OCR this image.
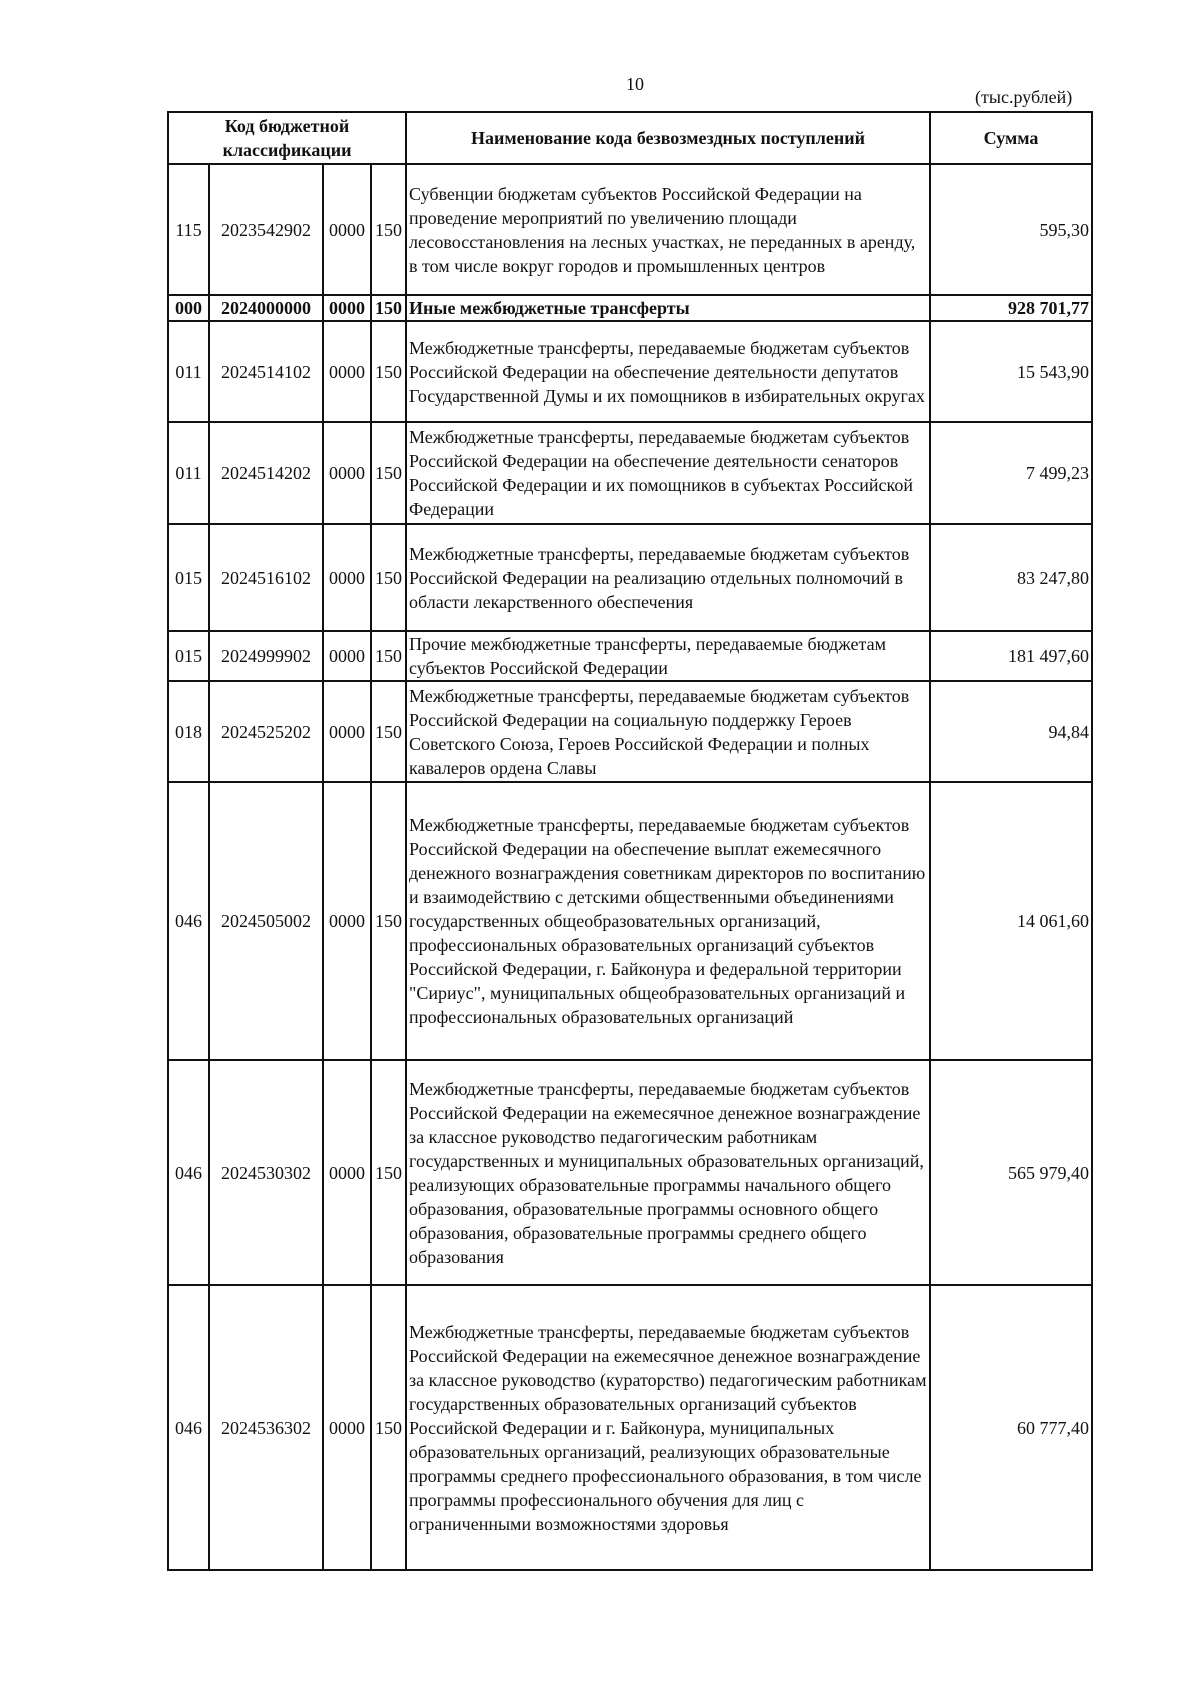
10
(тыс.рублей)
Код бюджетной классификации				Наименование кода безвозмездных поступлений	Сумма
115	2023542902	0000	150	Субвенции бюджетам субъектов Российской Федерации на проведение мероприятий по увеличению площади лесовосстановления на лесных участках, не переданных в аренду, в том числе вокруг городов и промышленных центров	595,30
000	2024000000	0000	150	Иные межбюджетные трансферты	928 701,77
011	2024514102	0000	150	Межбюджетные трансферты, передаваемые бюджетам субъектов Российской Федерации на обеспечение деятельности депутатов Государственной Думы и их помощников в избирательных округах	15 543,90
011	2024514202	0000	150	Межбюджетные трансферты, передаваемые бюджетам субъектов Российской Федерации на обеспечение деятельности сенаторов Российской Федерации и их помощников в субъектах Российской Федерации	7 499,23
015	2024516102	0000	150	Межбюджетные трансферты, передаваемые бюджетам субъектов Российской Федерации на реализацию отдельных полномочий в области лекарственного обеспечения	83 247,80
015	2024999902	0000	150	Прочие межбюджетные трансферты, передаваемые бюджетам субъектов Российской Федерации	181 497,60
018	2024525202	0000	150	Межбюджетные трансферты, передаваемые бюджетам субъектов Российской Федерации на социальную поддержку Героев Советского Союза, Героев Российской Федерации и полных кавалеров ордена Славы	94,84
046	2024505002	0000	150	Межбюджетные трансферты, передаваемые бюджетам субъектов Российской Федерации на обеспечение выплат ежемесячного денежного вознаграждения советникам директоров по воспитанию и взаимодействию с детскими общественными объединениями государственных общеобразовательных организаций, профессиональных образовательных организаций субъектов Российской Федерации, г. Байконура и федеральной территории "Сириус", муниципальных общеобразовательных организаций и профессиональных образовательных организаций	14 061,60
046	2024530302	0000	150	Межбюджетные трансферты, передаваемые бюджетам субъектов Российской Федерации на ежемесячное денежное вознаграждение за классное руководство педагогическим работникам государственных и муниципальных образовательных организаций, реализующих образовательные программы начального общего образования, образовательные программы основного общего образования, образовательные программы среднего общего образования	565 979,40
046	2024536302	0000	150	Межбюджетные трансферты, передаваемые бюджетам субъектов Российской Федерации на ежемесячное денежное вознаграждение за классное руководство (кураторство) педагогическим работникам государственных образовательных организаций субъектов Российской Федерации и г. Байконура, муниципальных образовательных организаций, реализующих образовательные программы среднего профессионального образования, в том числе программы профессионального обучения для лиц с ограниченными возможностями здоровья	60 777,40
